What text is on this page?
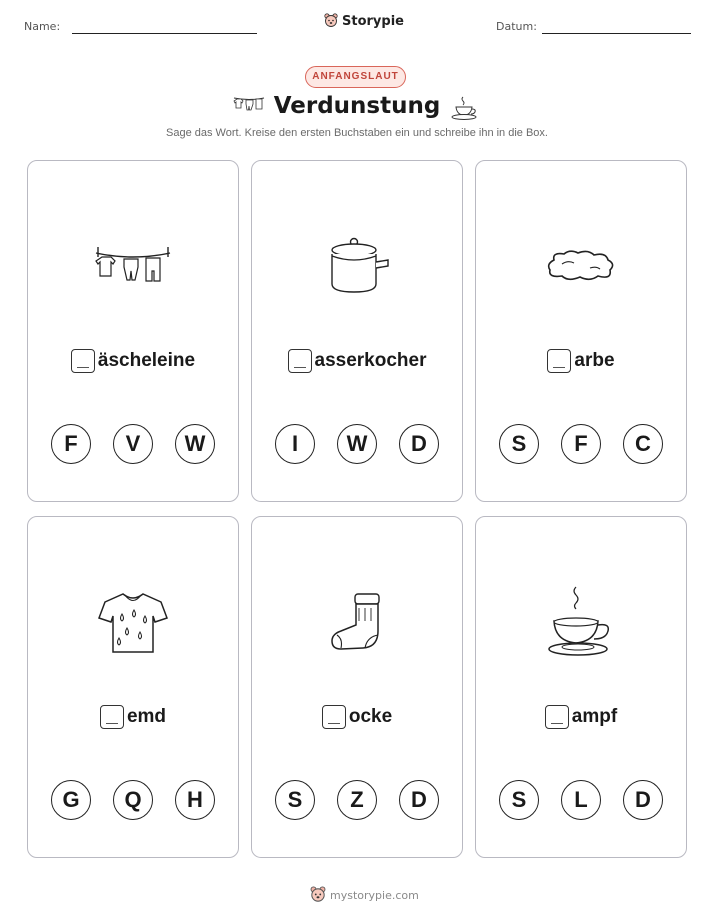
Name:	Storypie	Datum:
ANFANGSLAUT
Verdunstung
Sage das Wort. Kreise den ersten Buchstaben ein und schreibe ihn in die Box.
äscheleine
F	V	W
asserkocher
I	W	D
arbe
S	F	C
emd
G	Q	H
ocke
S	Z	D
ampf
S	L	D
mystorypie.com
